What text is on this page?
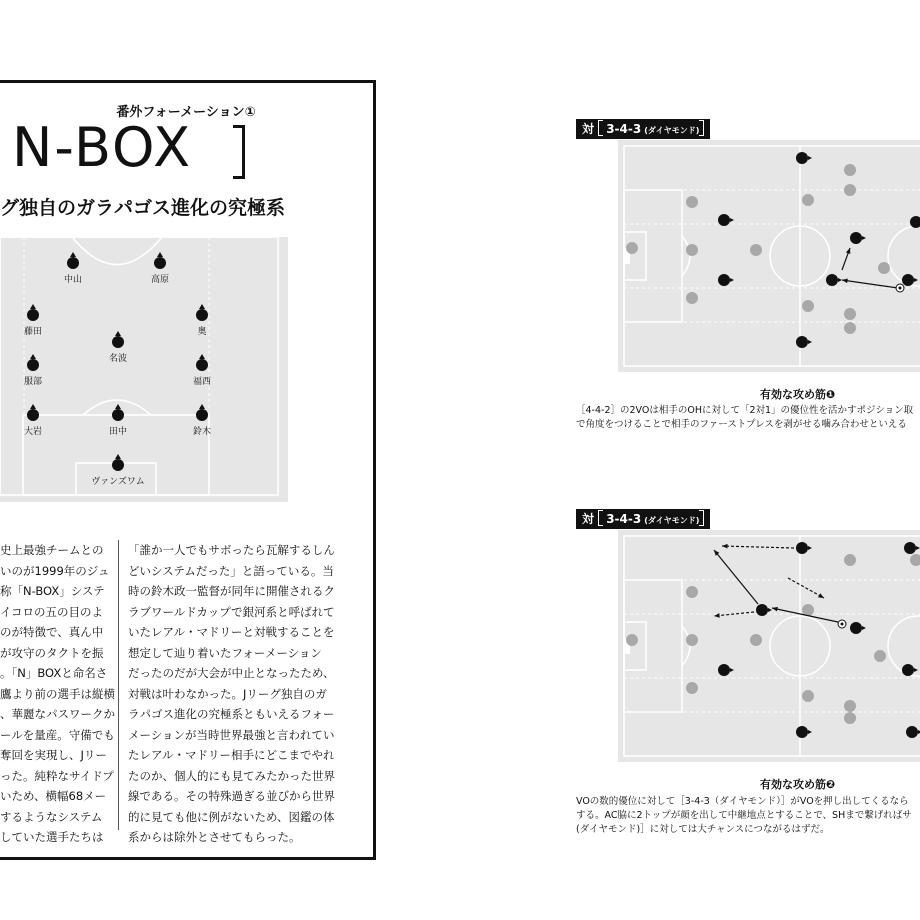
番外フォーメーション①
N-BOX
グ独自のガラパゴス進化の究極系
中山	高原
藤田	奥
名波
服部	福西
大岩	田中	鈴木
ヴァンズワム
史上最強チームとの
いのが1999年のジュ
称「N-BOX」システ
イコロの五の目のよ
のが特徴で、真ん中
が攻守のタクトを振
。「N」BOXと命名さ
鷹より前の選手は縦横
、華麗なパスワークか
ールを量産。守備でも
奪回を実現し、Jリー
った。純粋なサイドプ
いため、横幅68メー
するようなシステム
していた選手たちは
「誰か一人でもサボったら瓦解するしん
どいシステムだった」と語っている。当
時の鈴木政一監督が同年に開催されるク
ラブワールドカップで銀河系と呼ばれて
いたレアル・マドリーと対戦することを
想定して辿り着いたフォーメーション
だったのだが大会が中止となったため、
対戦は叶わなかった。Jリーグ独自のガ
ラパゴス進化の究極系ともいえるフォー
メーションが当時世界最強と言われてい
たレアル・マドリー相手にどこまでやれ
たのか、個人的にも見てみたかった世界
線である。その特殊過ぎる並びから世界
的に見ても他に例がないため、図鑑の体
系からは除外とさせてもらった。
対 3-4-3 (ダイヤモンド)
有効な攻め筋❶
［4-4-2］の2VOは相手のOHに対して「2対1」の優位性を活かすポジション取
で角度をつけることで相手のファーストプレスを剥がせる噛み合わせといえる
対 3-4-3 (ダイヤモンド)
有効な攻め筋❷
VOの数的優位に対して［3-4-3（ダイヤモンド）］がVOを押し出してくるなら
する。AC脇に2トップが顔を出して中継地点とすることで、SHまで繋げればサ
(ダイヤモンド)］に対しては大チャンスにつながるはずだ。
